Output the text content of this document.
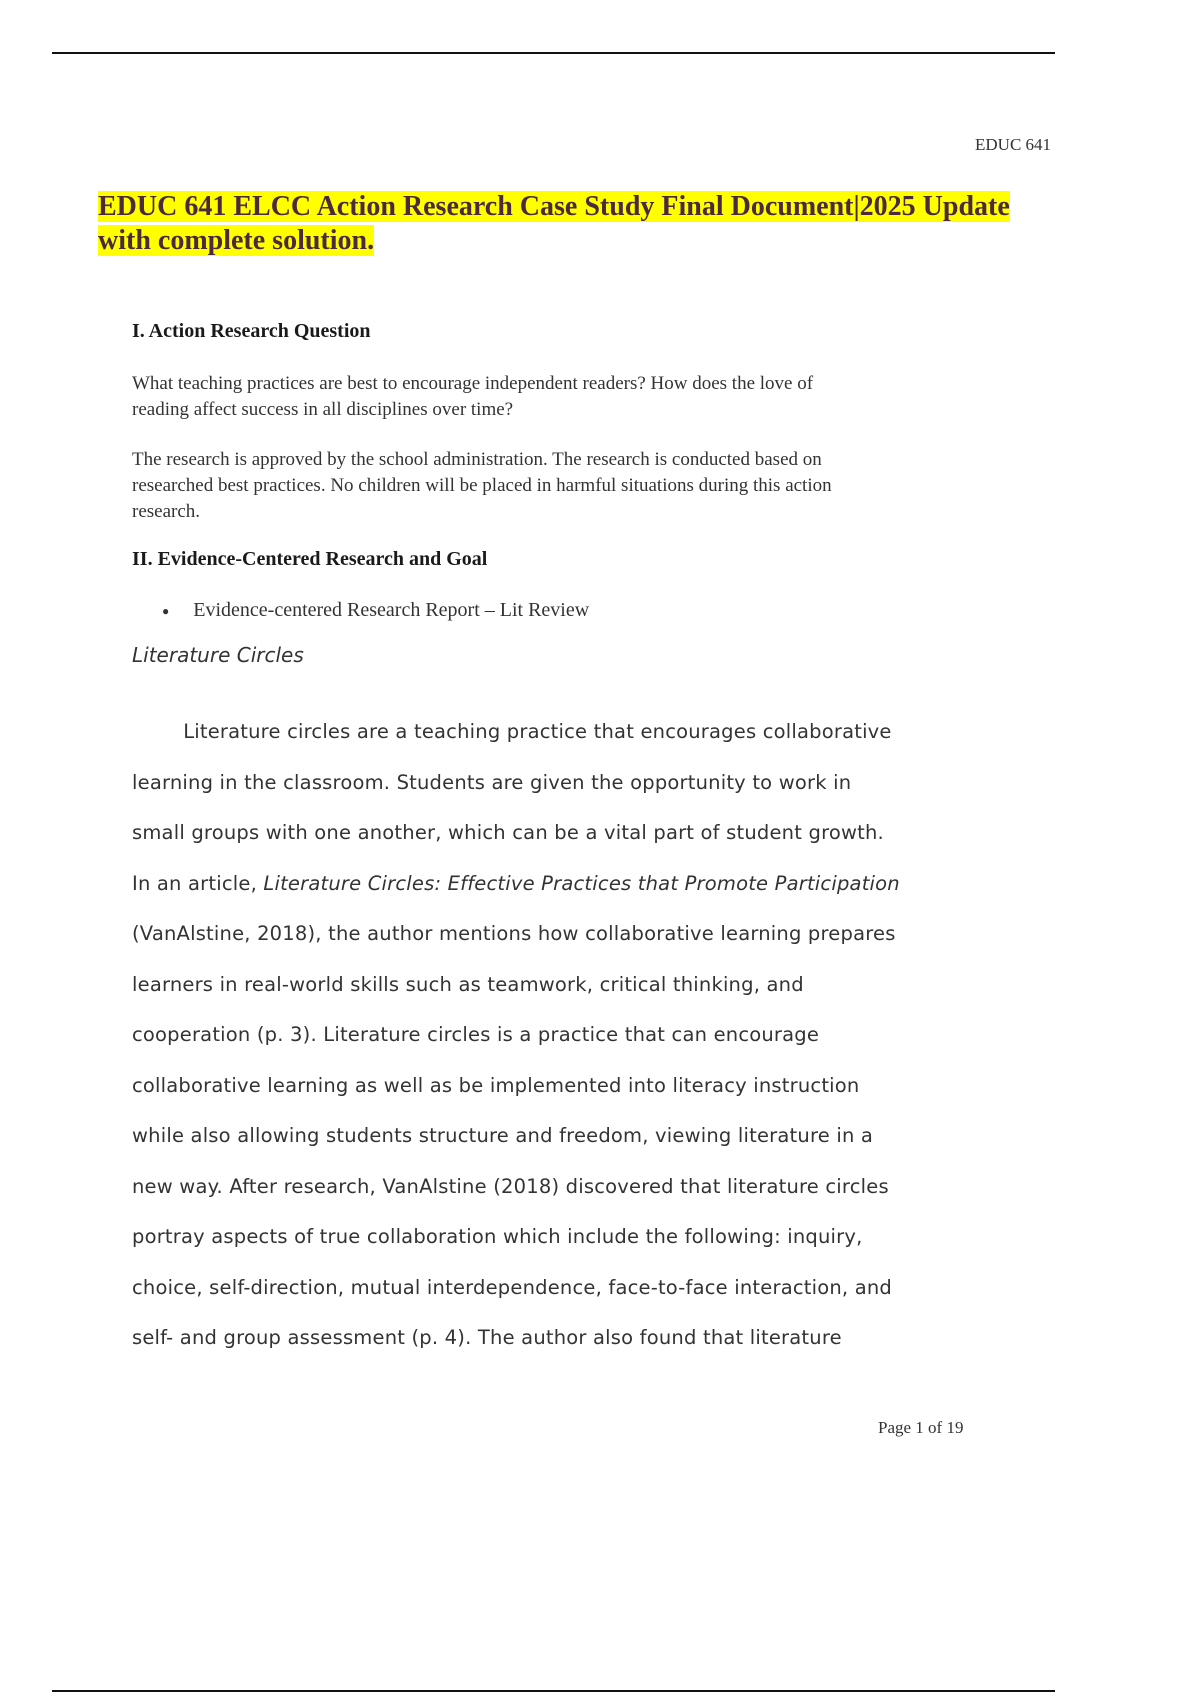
EDUC 641
EDUC 641 ELCC Action Research Case Study Final Document|2025 Update
with complete solution.
I. Action Research Question
What teaching practices are best to encourage independent readers? How does the love of
reading affect success in all disciplines over time?
The research is approved by the school administration. The research is conducted based on
researched best practices. No children will be placed in harmful situations during this action
research.
II. Evidence-Centered Research and Goal
● Evidence-centered Research Report – Lit Review
Literature Circles
Literature circles are a teaching practice that encourages collaborative
learning in the classroom. Students are given the opportunity to work in
small groups with one another, which can be a vital part of student growth.
In an article, Literature Circles: Effective Practices that Promote Participation
(VanAlstine, 2018), the author mentions how collaborative learning prepares
learners in real-world skills such as teamwork, critical thinking, and
cooperation (p. 3). Literature circles is a practice that can encourage
collaborative learning as well as be implemented into literacy instruction
while also allowing students structure and freedom, viewing literature in a
new way. After research, VanAlstine (2018) discovered that literature circles
portray aspects of true collaboration which include the following: inquiry,
choice, self-direction, mutual interdependence, face-to-face interaction, and
self- and group assessment (p. 4). The author also found that literature
Page 1 of 19
